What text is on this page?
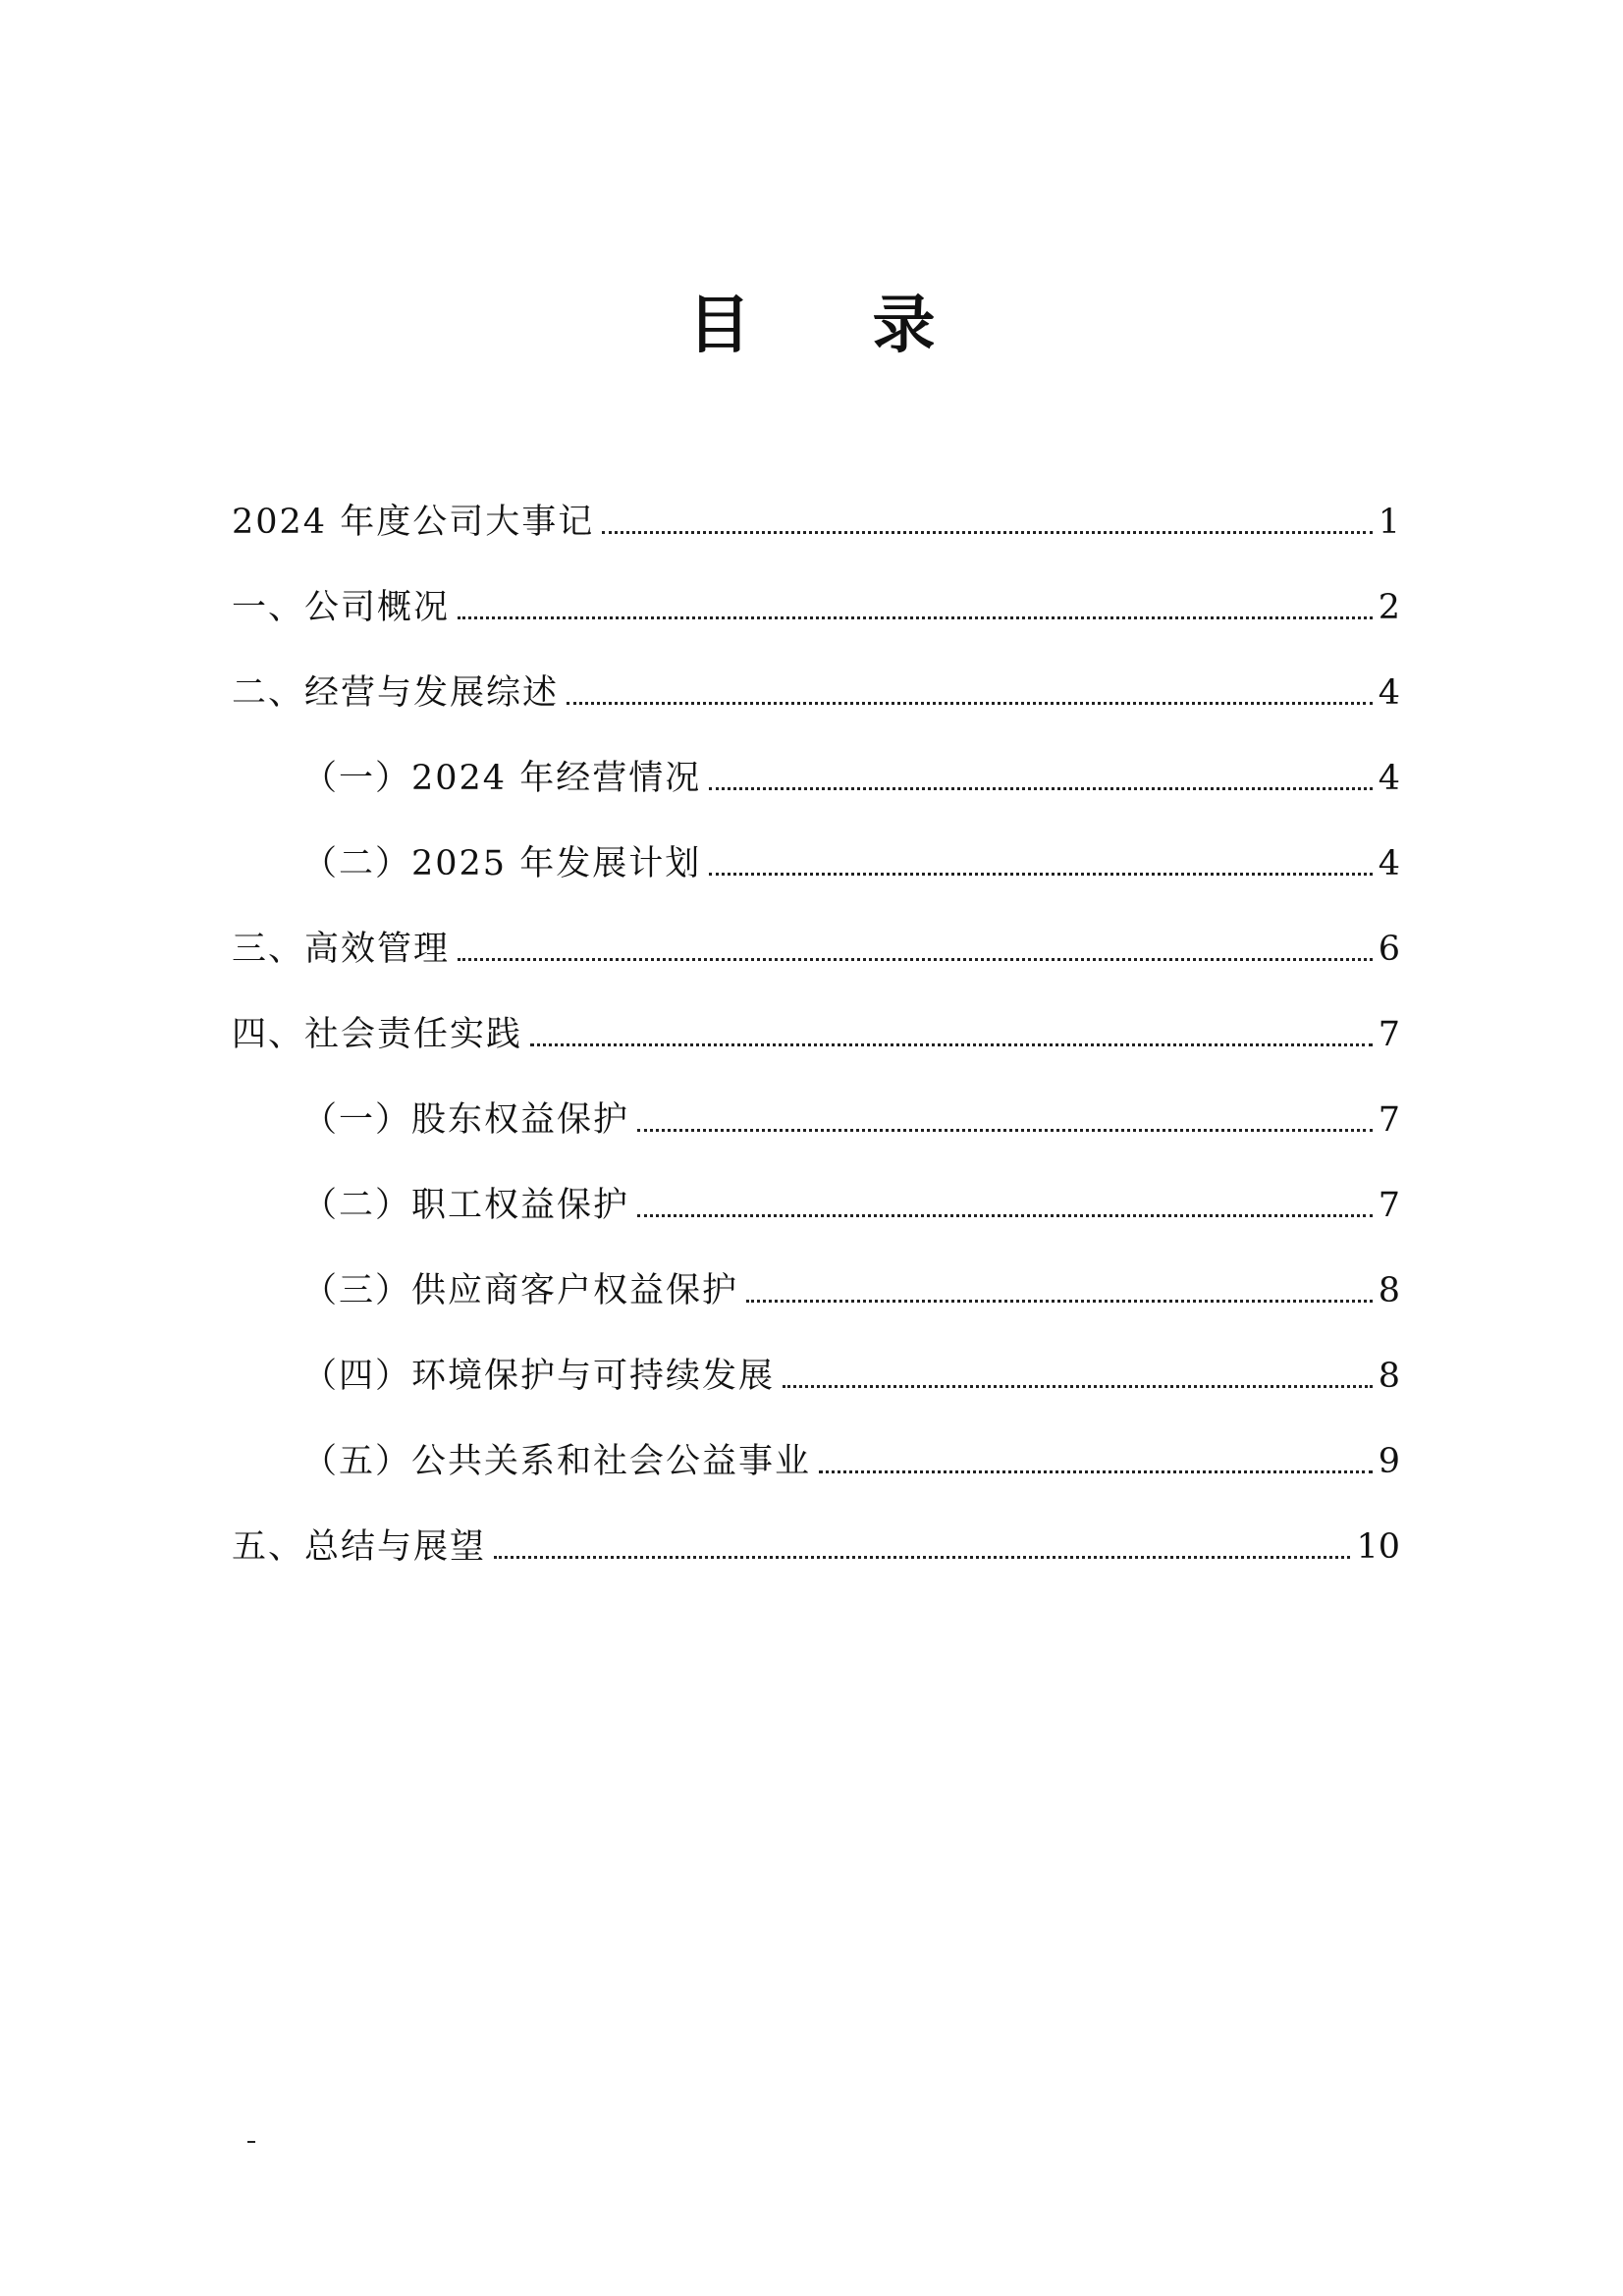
目 录
2024 年度公司大事记	1
一、公司概况	2
二、经营与发展综述	4
（一）2024 年经营情况	4
（二）2025 年发展计划	4
三、高效管理	6
四、社会责任实践	7
（一）股东权益保护	7
（二）职工权益保护	7
（三）供应商客户权益保护	8
（四）环境保护与可持续发展	8
（五）公共关系和社会公益事业	9
五、总结与展望	10
